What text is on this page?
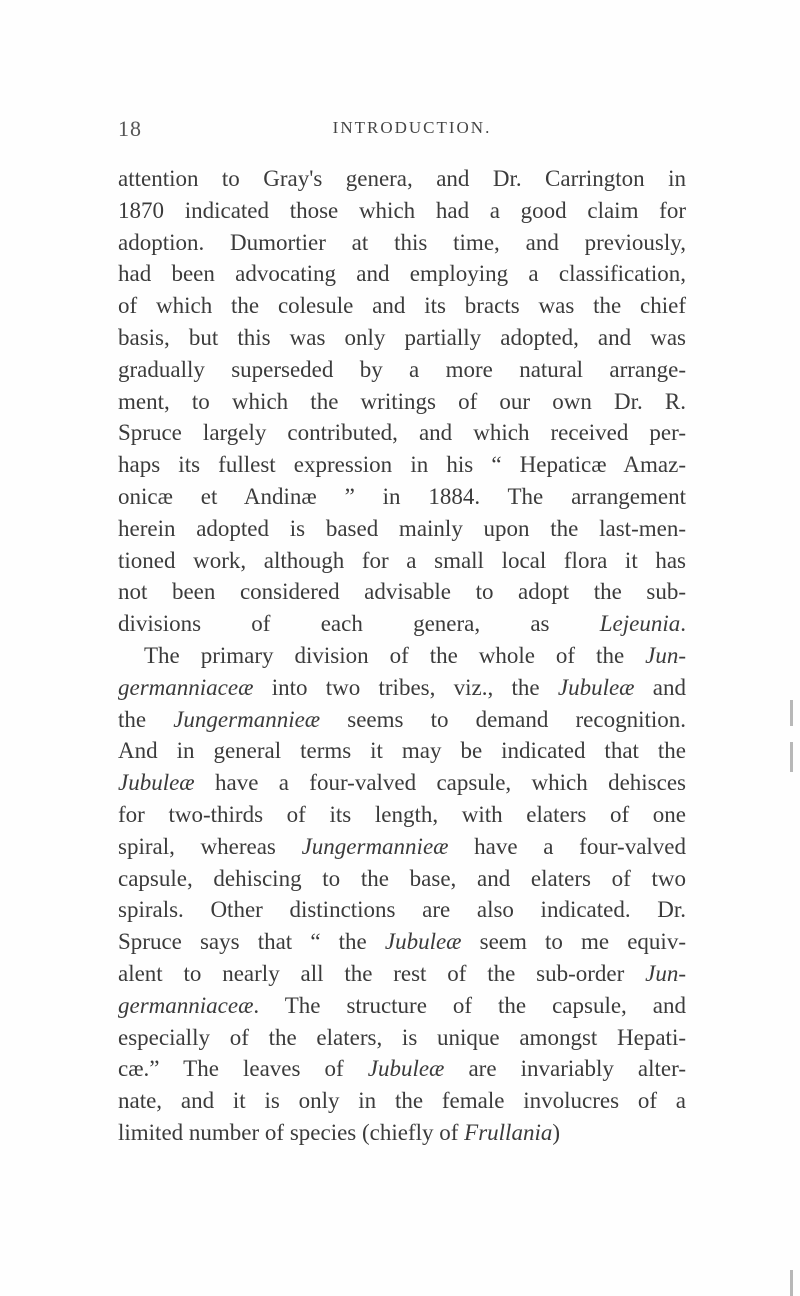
18	INTRODUCTION.
attention to Gray's genera, and Dr. Carrington in
1870 indicated those which had a good claim for
adoption. Dumortier at this time, and previously,
had been advocating and employing a classification,
of which the colesule and its bracts was the chief
basis, but this was only partially adopted, and was
gradually superseded by a more natural arrange-
ment, to which the writings of our own Dr. R.
Spruce largely contributed, and which received per-
haps its fullest expression in his “ Hepaticæ Amaz-
onicæ et Andinæ ” in 1884. The arrangement
herein adopted is based mainly upon the last-men-
tioned work, although for a small local flora it has
not been considered advisable to adopt the sub-
divisions of each genera, as Lejeunia.
The primary division of the whole of the Jun-
germanniaceæ into two tribes, viz., the Jubuleæ and
the Jungermannieæ seems to demand recognition.
And in general terms it may be indicated that the
Jubuleæ have a four-valved capsule, which dehisces
for two-thirds of its length, with elaters of one
spiral, whereas Jungermannieæ have a four-valved
capsule, dehiscing to the base, and elaters of two
spirals. Other distinctions are also indicated. Dr.
Spruce says that “ the Jubuleæ seem to me equiv-
alent to nearly all the rest of the sub-order Jun-
germanniaceæ. The structure of the capsule, and
especially of the elaters, is unique amongst Hepati-
cæ.” The leaves of Jubuleæ are invariably alter-
nate, and it is only in the female involucres of a
limited number of species (chiefly of Frullania)
